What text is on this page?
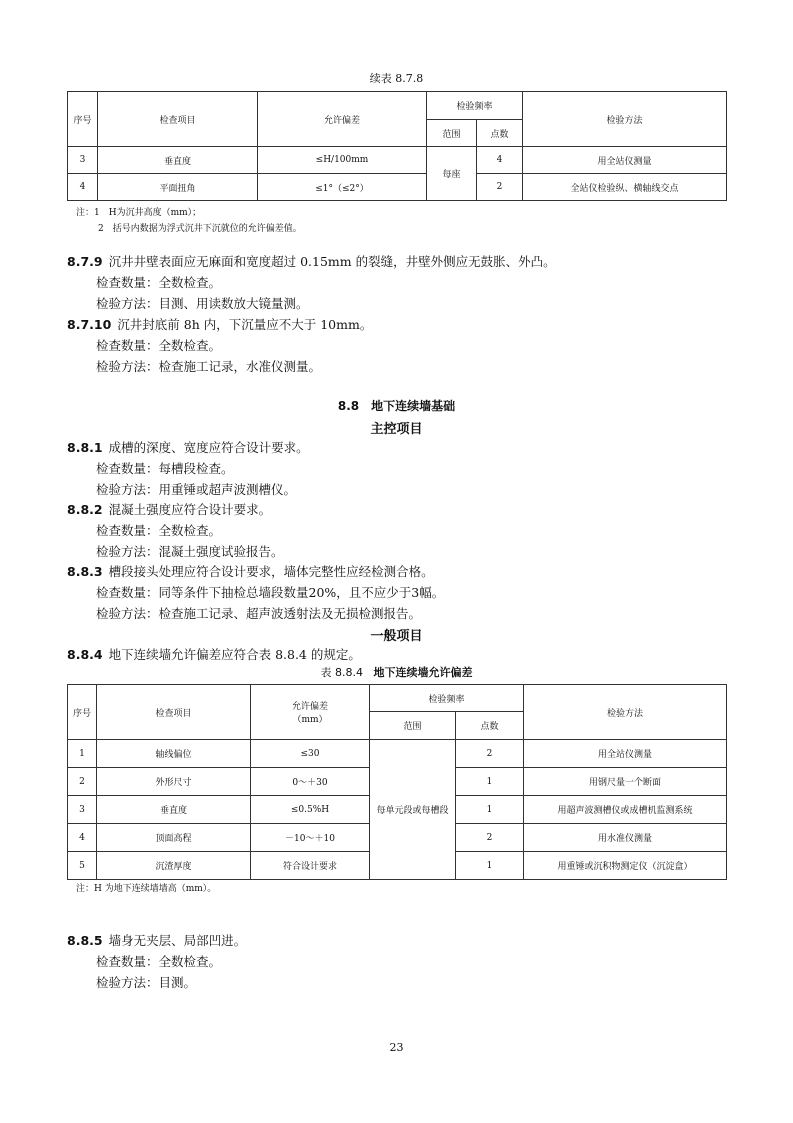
续表 8.7.8
序号	检查项目	允许偏差	检验频率		检验方法
			范围	点数	
3	垂直度	≤H/100mm	每座	4	用全站仪测量
4	平面扭角	≤1°（≤2°）		2	全站仪检验纵、横轴线交点
注：1　H为沉井高度（mm）；
2　括号内数据为浮式沉井下沉就位的允许偏差值。
8.7.9 沉井井壁表面应无麻面和宽度超过 0.15mm 的裂缝，井壁外侧应无鼓胀、外凸。
检查数量：全数检查。
检验方法：目测、用读数放大镜量测。
8.7.10 沉井封底前 8h 内，下沉量应不大于 10mm。
检查数量：全数检查。
检验方法：检查施工记录，水准仪测量。
8.8　地下连续墙基础
主控项目
8.8.1 成槽的深度、宽度应符合设计要求。
检查数量：每槽段检查。
检验方法：用重锤或超声波测槽仪。
8.8.2 混凝土强度应符合设计要求。
检查数量：全数检查。
检验方法：混凝土强度试验报告。
8.8.3 槽段接头处理应符合设计要求，墙体完整性应经检测合格。
检查数量：同等条件下抽检总墙段数量20%，且不应少于3幅。
检验方法：检查施工记录、超声波透射法及无损检测报告。
一般项目
8.8.4 地下连续墙允许偏差应符合表 8.8.4 的规定。
表 8.8.4 地下连续墙允许偏差
序号	检查项目	允许偏差
（mm）	检验频率		检验方法
			范围	点数	
1	轴线偏位	≤30	每单元段或每槽段	2	用全站仪测量
2	外形尺寸	0～＋30		1	用钢尺量一个断面
3	垂直度	≤0.5%H		1	用超声波测槽仪或成槽机监测系统
4	顶面高程	－10～＋10		2	用水准仪测量
5	沉渣厚度	符合设计要求		1	用重锤或沉积物测定仪（沉淀盒）
注：H 为地下连续墙墙高（mm）。
8.8.5 墙身无夹层、局部凹进。
检查数量：全数检查。
检验方法：目测。
23
